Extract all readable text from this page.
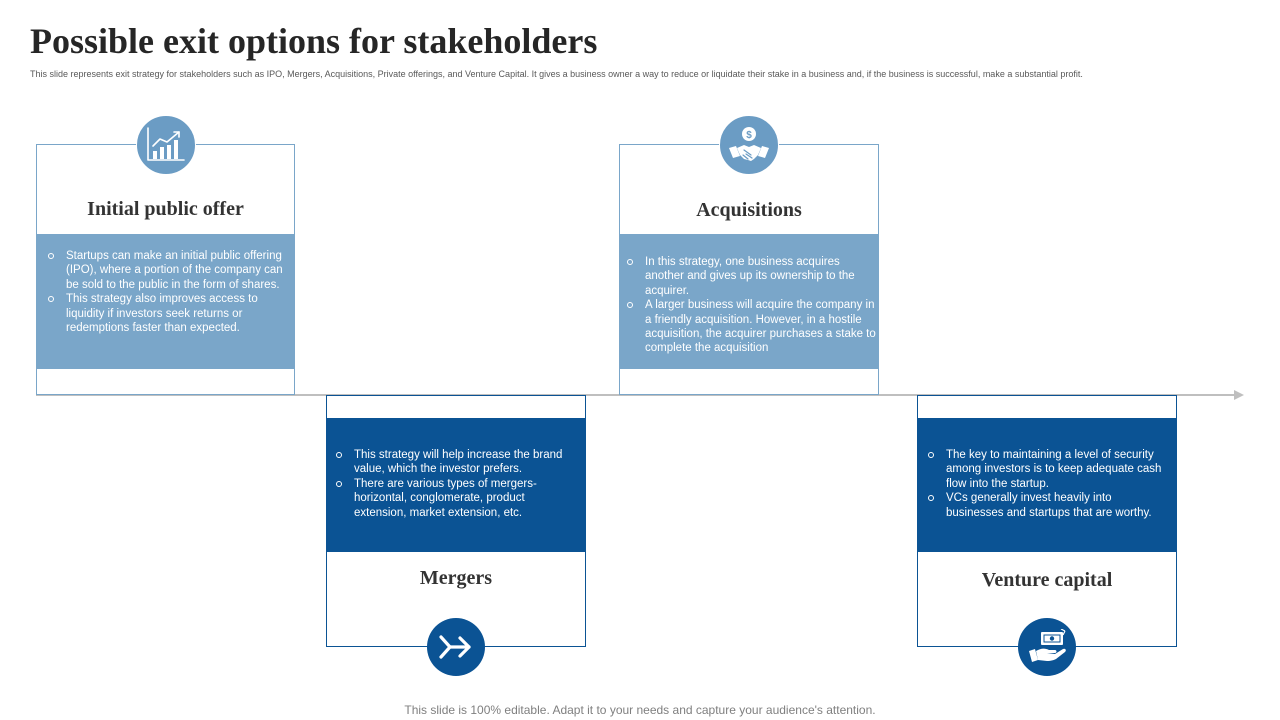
Possible exit options for stakeholders

This slide represents exit strategy for stakeholders such as IPO, Mergers, Acquisitions, Private offerings, and Venture Capital. It gives a business owner a way to reduce or liquidate their stake in a business and, if the business is successful, make a substantial profit.

Initial public offer
Startups can make an initial public offering (IPO), where a portion of the company can be sold to the public in the form of shares.
This strategy also improves access to liquidity if investors seek returns or redemptions faster than expected.
Acquisitions
In this strategy, one business acquires another and gives up its ownership to the acquirer.
A larger business will acquire the company in a friendly acquisition. However, in a hostile acquisition, the acquirer purchases a stake to complete the acquisition
$
This strategy will help increase the brand value, which the investor prefers.
There are various types of mergers- horizontal, conglomerate, product extension, market extension, etc.
Mergers
The key to maintaining a level of security among investors is to keep adequate cash flow into the startup.
VCs generally invest heavily into businesses and startups that are worthy.
Venture capital

This slide is 100% editable. Adapt it to your needs and capture your audience's attention.
